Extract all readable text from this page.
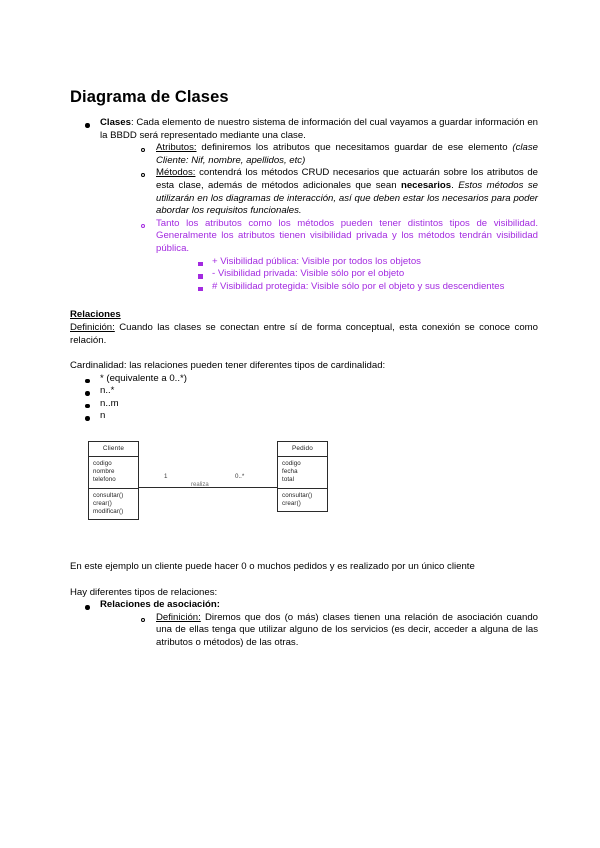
Diagrama de Clases

Clases: Cada elemento de nuestro sistema de información del cual vayamos a guardar información en la BBDD será representado mediante una clase.

Atributos: definiremos los atributos que necesitamos guardar de ese elemento (clase Cliente: Nif, nombre, apellidos, etc)

Métodos: contendrá los métodos CRUD necesarios que actuarán sobre los atributos de esta clase, además de métodos adicionales que sean necesarios. Estos métodos se utilizarán en los diagramas de interacción, así que deben estar los necesarios para poder abordar los requisitos funcionales.

Tanto los atributos como los métodos pueden tener distintos tipos de visibilidad. Generalmente los atributos tienen visibilidad privada y los métodos tendrán visibilidad pública.

+ Visibilidad pública: Visible por todos los objetos

- Visibilidad privada: Visible sólo por el objeto

# Visibilidad protegida: Visible sólo por el objeto y sus descendientes

Relaciones

Definición: Cuando las clases se conectan entre sí de forma conceptual, esta conexión se conoce como relación.

Cardinalidad: las relaciones pueden tener diferentes tipos de cardinalidad:

* (equivalente a 0..*)

n..*

n..m

n

Cliente
codigo
nombre
telefono
consultar()
crear()
modificar()
Pedido
codigo
fecha
total
consultar()
crear()
1
realiza
0..*

En este ejemplo un cliente puede hacer 0 o muchos pedidos y es realizado por un único cliente

Hay diferentes tipos de relaciones:

Relaciones de asociación:

Definición: Diremos que dos (o más) clases tienen una relación de asociación cuando una de ellas tenga que utilizar alguno de los servicios (es decir, acceder a alguna de las atributos o métodos) de las otras.
